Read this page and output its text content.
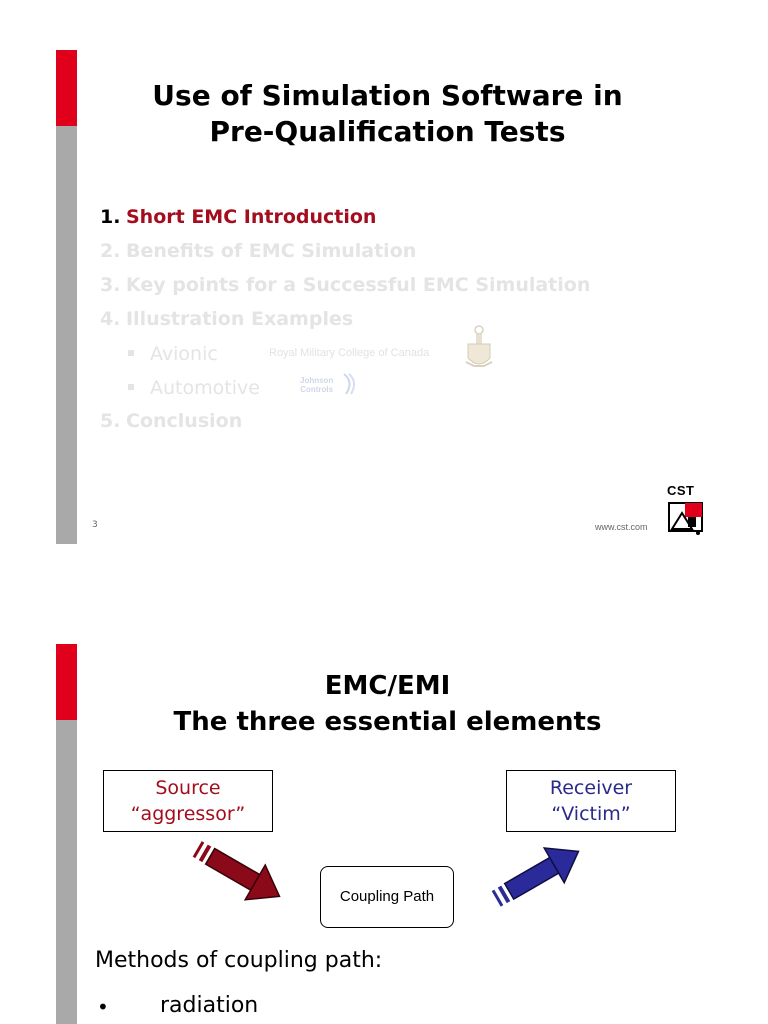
Use of Simulation Software in
Pre-Qualification Tests
1. Short EMC Introduction
2. Benefits of EMC Simulation
3. Key points for a Successful EMC Simulation
4. Illustration Examples
Avionic	Royal Military College of Canada
Automotive	Johnson
Controls
5. Conclusion
3	www.cst.com
CST
EMC/EMI
The three essential elements
Source
“aggressor”
Receiver
“Victim”
Coupling Path
Methods of coupling path:
• radiation
